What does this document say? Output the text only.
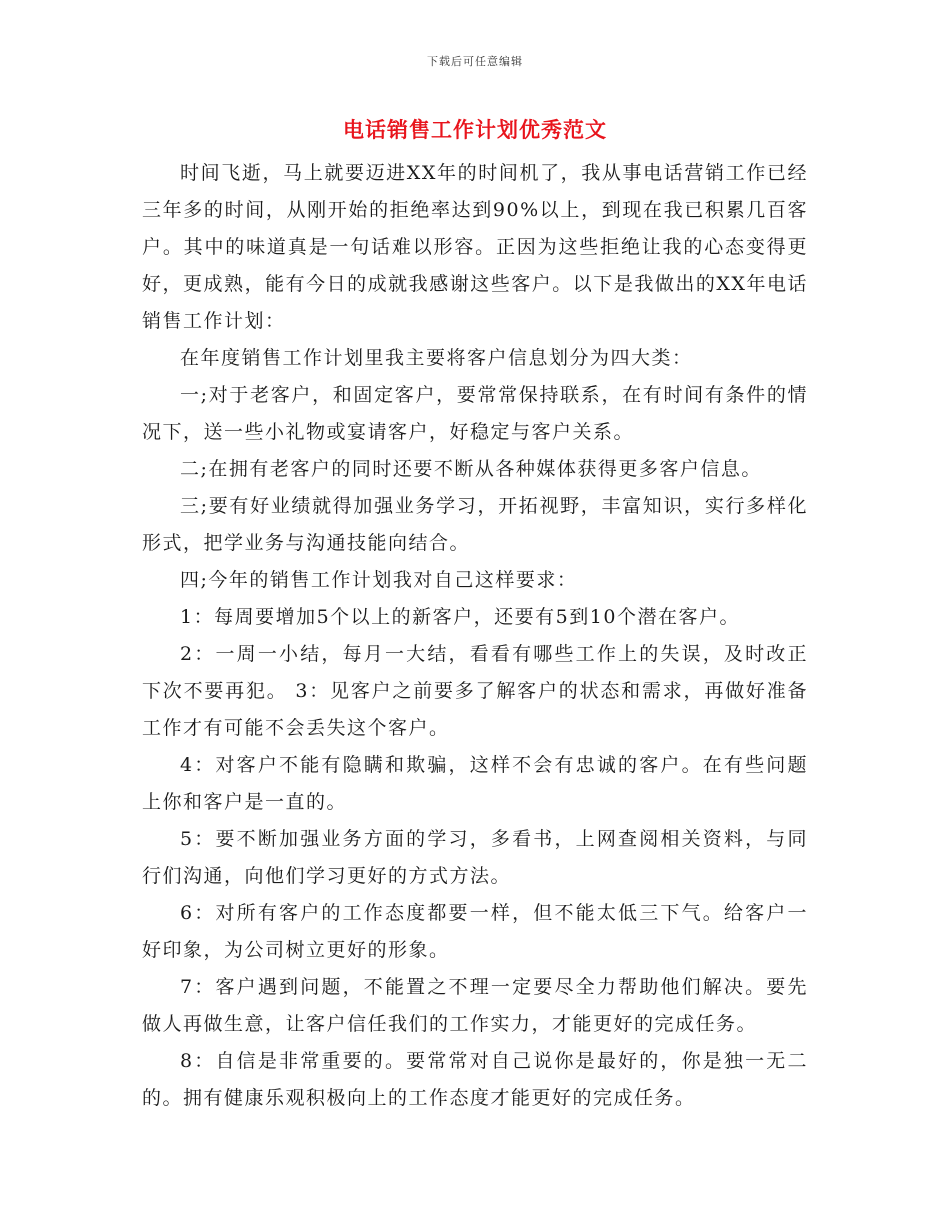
下载后可任意编辑
电话销售工作计划优秀范文

时间飞逝，马上就要迈进XX年的时间机了，我从事电话营销工作已经三年多的时间，从刚开始的拒绝率达到90%以上，到现在我已积累几百客户。其中的味道真是一句话难以形容。正因为这些拒绝让我的心态变得更好，更成熟，能有今日的成就我感谢这些客户。以下是我做出的XX年电话销售工作计划：

在年度销售工作计划里我主要将客户信息划分为四大类：

一;对于老客户，和固定客户，要常常保持联系，在有时间有条件的情况下，送一些小礼物或宴请客户，好稳定与客户关系。

二;在拥有老客户的同时还要不断从各种媒体获得更多客户信息。

三;要有好业绩就得加强业务学习，开拓视野，丰富知识，实行多样化形式，把学业务与沟通技能向结合。

四;今年的销售工作计划我对自己这样要求：

1：每周要增加5个以上的新客户，还要有5到10个潜在客户。

2：一周一小结，每月一大结，看看有哪些工作上的失误，及时改正下次不要再犯。 3：见客户之前要多了解客户的状态和需求，再做好准备工作才有可能不会丢失这个客户。

4：对客户不能有隐瞒和欺骗，这样不会有忠诚的客户。在有些问题上你和客户是一直的。

5：要不断加强业务方面的学习，多看书，上网查阅相关资料，与同行们沟通，向他们学习更好的方式方法。

6：对所有客户的工作态度都要一样，但不能太低三下气。给客户一好印象，为公司树立更好的形象。

7：客户遇到问题，不能置之不理一定要尽全力帮助他们解决。要先做人再做生意，让客户信任我们的工作实力，才能更好的完成任务。

8：自信是非常重要的。要常常对自己说你是最好的，你是独一无二的。拥有健康乐观积极向上的工作态度才能更好的完成任务。
